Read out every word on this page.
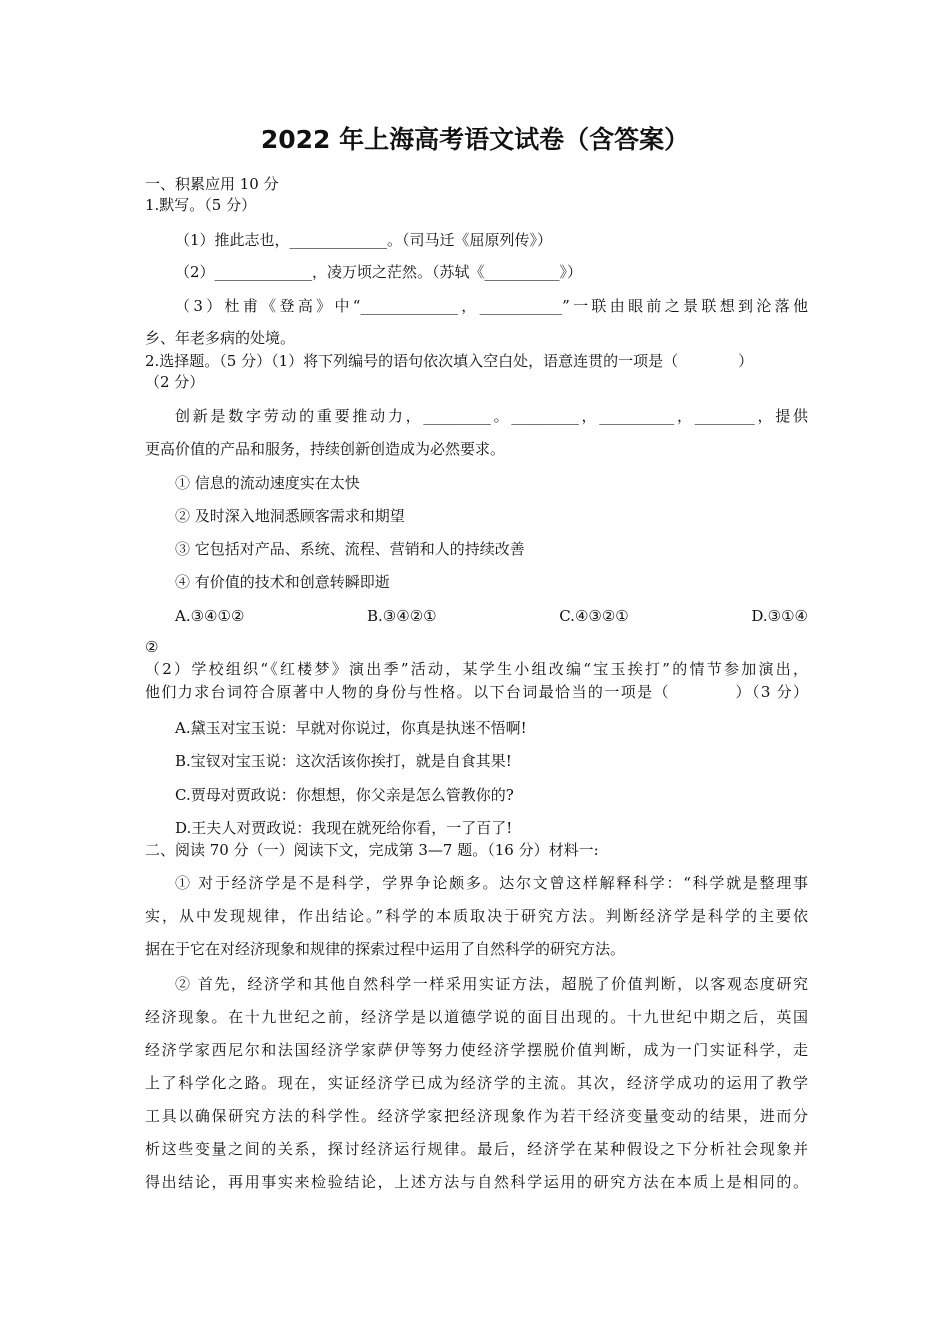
2022 年上海高考语文试卷（含答案）
一、积累应用 10 分
1.默写。（5 分）
（1）推此志也，_____________。（司马迁《屈原列传》）
（2）_____________，凌万顷之茫然。（苏轼《__________》）
（3）杜甫《登高》中“_____________，___________”一联由眼前之景联想到沦落他
乡、年老多病的处境。
2.选择题。（5 分）（1）将下列编号的语句依次填入空白处，语意连贯的一项是（　　　　）
（2 分）
创新是数字劳动的重要推动力，_________。_________，__________，________，提供
更高价值的产品和服务，持续创新创造成为必然要求。
① 信息的流动速度实在太快
② 及时深入地洞悉顾客需求和期望
③ 它包括对产品、系统、流程、营销和人的持续改善
④ 有价值的技术和创意转瞬即逝
A.③④①②	B.③④②①	C.④③②①	D.③①④
②
（2）学校组织“《红楼梦》演出季”活动，某学生小组改编“宝玉挨打”的情节参加演出，
他们力求台词符合原著中人物的身份与性格。以下台词最恰当的一项是（　　　　）（3 分）
A.黛玉对宝玉说：早就对你说过，你真是执迷不悟啊!
B.宝钗对宝玉说：这次活该你挨打，就是自食其果!
C.贾母对贾政说：你想想，你父亲是怎么管教你的?
D.王夫人对贾政说：我现在就死给你看，一了百了!
二、阅读 70 分（一）阅读下文，完成第 3—7 题。（16 分）材料一:
① 对于经济学是不是科学，学界争论颇多。达尔文曾这样解释科学：“科学就是整理事
实，从中发现规律，作出结论。”科学的本质取决于研究方法。判断经济学是科学的主要依
据在于它在对经济现象和规律的探索过程中运用了自然科学的研究方法。
② 首先，经济学和其他自然科学一样采用实证方法，超脱了价值判断，以客观态度研究
经济现象。在十九世纪之前，经济学是以道德学说的面目出现的。十九世纪中期之后，英国
经济学家西尼尔和法国经济学家萨伊等努力使经济学摆脱价值判断，成为一门实证科学，走
上了科学化之路。现在，实证经济学已成为经济学的主流。其次，经济学成功的运用了教学
工具以确保研究方法的科学性。经济学家把经济现象作为若干经济变量变动的结果，进而分
析这些变量之间的关系，探讨经济运行规律。最后，经济学在某种假设之下分析社会现象并
得出结论，再用事实来检验结论，上述方法与自然科学运用的研究方法在本质上是相同的。
